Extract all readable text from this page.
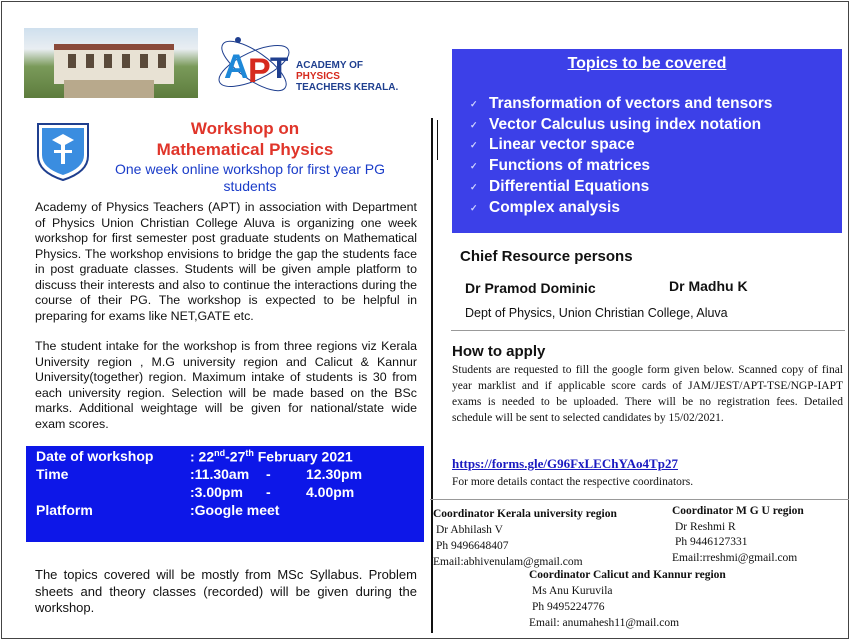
A P T ACADEMY OF
PHYSICS
TEACHERS KERALA.
Workshop on
Mathematical Physics
One week online workshop for first year PG students
Academy of Physics Teachers (APT) in association with Department of Physics Union Christian College Aluva is organizing one week workshop for first semester post graduate students on Mathematical Physics. The workshop envisions to bridge the gap the students face in post graduate classes. Students will be given ample platform to discuss their interests and also to continue the interactions during the course of their PG. The workshop is expected to be helpful in preparing for exams like NET,GATE etc.
The student intake for the workshop is from three regions viz Kerala University region , M.G university region and Calicut & Kannur University(together) region. Maximum intake of students is 30 from each university region. Selection will be made based on the BSc marks. Additional weightage will be given for national/state wide exam scores.
Date of workshop	: 22nd-27th February 2021
Time	:11.30am -	12.30pm
:3.00pm -	4.00pm
Platform	:Google meet
The topics covered will be mostly from MSc Syllabus. Problem sheets and theory classes (recorded) will be given during the workshop.
Topics to be covered
✓ Transformation of vectors and tensors
✓ Vector Calculus using index notation
✓ Linear vector space
✓ Functions of matrices
✓ Differential Equations
✓ Complex analysis
Chief Resource persons
Dr Pramod Dominic	Dr Madhu K
Dept of Physics, Union Christian College, Aluva
How to apply
Students are requested to fill the google form given below. Scanned copy of final year marklist and if applicable score cards of JAM/JEST/APT-TSE/NGP-IAPT exams is needed to be uploaded. There will be no registration fees. Detailed schedule will be sent to selected candidates by 15/02/2021.
https://forms.gle/G96FxLEChYAo4Tp27
For more details contact the respective coordinators.
Coordinator Kerala university region
Dr Abhilash V
Ph 9496648407
Email:abhivenulam@gmail.com
Coordinator M G U region
Dr Reshmi R
Ph 9446127331
Email:rreshmi@gmail.com
Coordinator Calicut and Kannur region
Ms Anu Kuruvila
Ph 9495224776
Email: anumahesh11@mail.com
